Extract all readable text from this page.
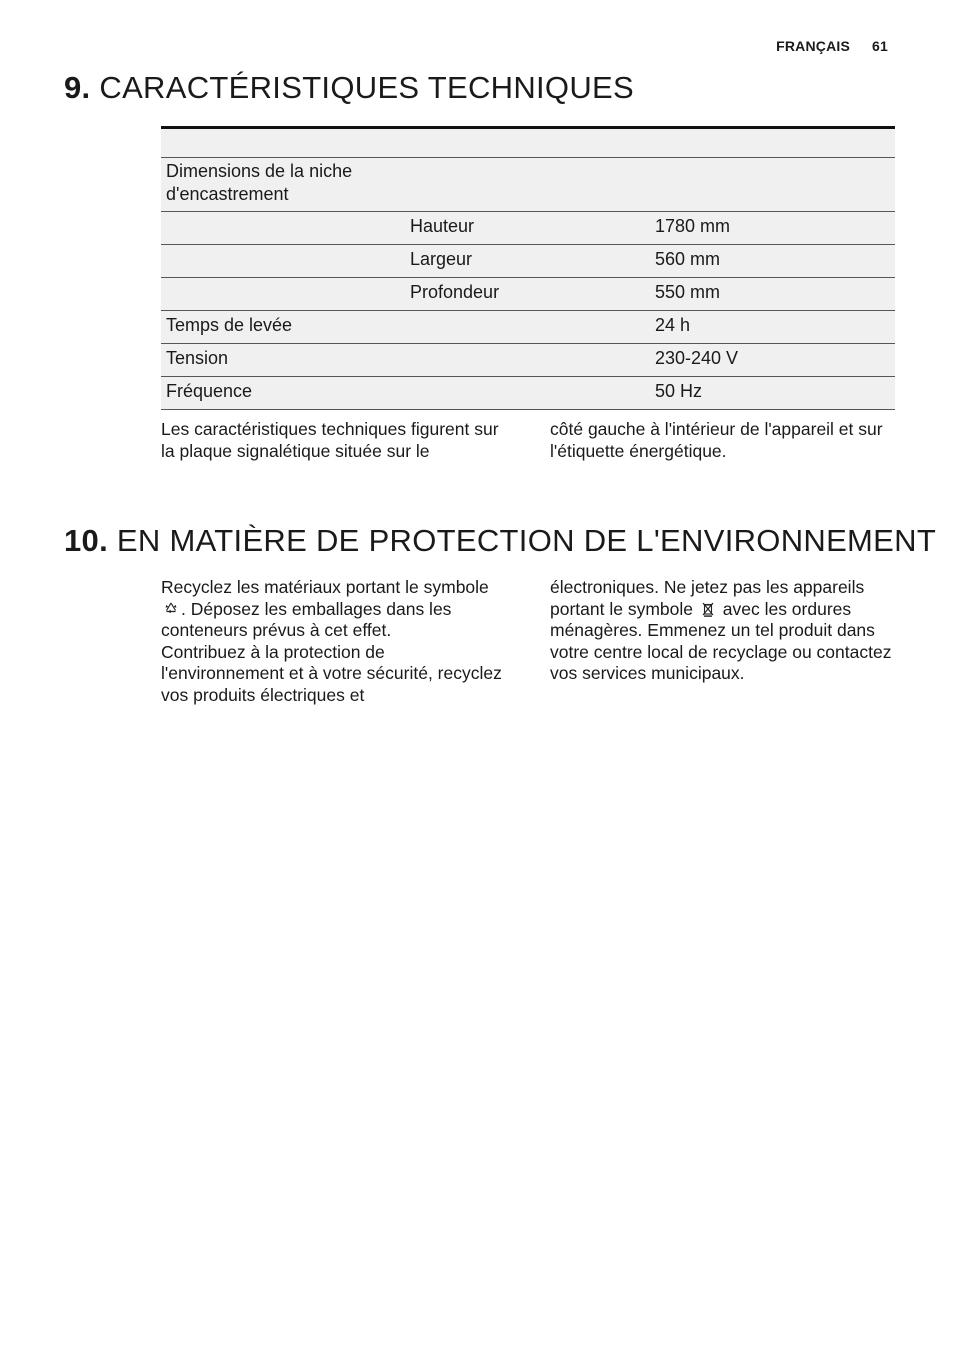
FRANÇAIS 61
9. CARACTÉRISTIQUES TECHNIQUES

Dimensions de la niche d'encastrement		
	Hauteur	1780 mm
	Largeur	560 mm
	Profondeur	550 mm
Temps de levée		24 h
Tension		230-240 V
Fréquence		50 Hz

Les caractéristiques techniques figurent sur la plaque signalétique située sur le

côté gauche à l'intérieur de l'appareil et sur l'étiquette énergétique.

10. EN MATIÈRE DE PROTECTION DE L'ENVIRONNEMENT

Recyclez les matériaux portant le symbole . Déposez les emballages dans les conteneurs prévus à cet effet.

Contribuez à la protection de l'environnement et à votre sécurité, recyclez vos produits électriques et

électroniques. Ne jetez pas les appareils portant le symbole avec les ordures ménagères. Emmenez un tel produit dans votre centre local de recyclage ou contactez vos services municipaux.
